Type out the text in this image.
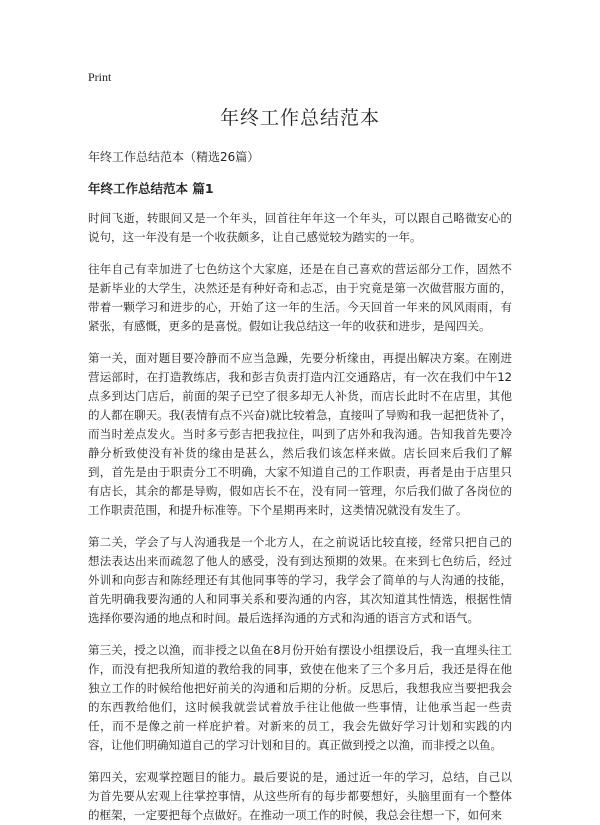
Print
年终工作总结范本

年终工作总结范本（精选26篇）

年终工作总结范本 篇1

时间飞逝，转眼间又是一个年头，回首往年年这一个年头，可以跟自己略微安心的说句，这一年没有是一个收获颇多，让自己感觉较为踏实的一年。

往年自己有幸加进了七色纺这个大家庭，还是在自己喜欢的营运部分工作，固然不是新毕业的大学生，决然还是有种好奇和忐忑，由于究竟是第一次做营服方面的，带着一颗学习和进步的心，开始了这一年的生活。今天回首一年来的风风雨雨，有紧张，有感慨，更多的是喜悦。假如让我总结这一年的收获和进步，是闯四关。

第一关，面对题目要冷静而不应当急躁，先要分析缘由，再提出解决方案。在刚进营运部时，在打造教练店，我和彭吉负责打造内江交通路店，有一次在我们中午12点多到达门店后，前面的架子已空了很多却无人补货，而店长此时不在店里，其他的人都在聊天。我(表情有点不兴奋)就比较着急，直接叫了导购和我一起把货补了，而当时差点发火。当时多亏彭吉把我拉住，叫到了店外和我沟通。告知我首先要冷静分析致使没有补货的缘由是甚么，然后我们该怎样来做。店长回来后我们了解到，首先是由于职责分工不明确，大家不知道自己的工作职责，再者是由于店里只有店长，其余的都是导购，假如店长不在，没有同一管理，尔后我们做了各岗位的工作职责范围，和提升标准等。下个星期再来时，这类情况就没有发生了。

第二关，学会了与人沟通我是一个北方人，在之前说话比较直接，经常只把自己的想法表达出来而疏忽了他人的感受，没有到达预期的效果。在来到七色纺后，经过外训和向彭吉和陈经理还有其他同事等的学习，我学会了简单的与人沟通的技能，首先明确我要沟通的人和同事关系和要沟通的内容，其次知道其性情选，根据性情选择你要沟通的地点和时间。最后选择沟通的方式和沟通的语言方式和语气。

第三关，授之以渔，而非授之以鱼在8月份开始有摆设小组摆设后，我一直埋头往工作，而没有把我所知道的教给我的同事，致使在他来了三个多月后，我还是得在他独立工作的时候给他把好前关的沟通和后期的分析。反思后，我想我应当要把我会的东西教给他们，这时候我就尝试着放手往让他做一些事情，让他承当起一些责任，而不是像之前一样庇护着。对新来的员工，我会先做好学习计划和实践的内容，让他们明确知道自己的学习计划和目的。真正做到授之以渔，而非授之以鱼。

第四关，宏观掌控题目的能力。最后要说的是，通过近一年的学习，总结，自己以为首先要从宏观上往掌控事情，从这些所有的每步都要想好，头脑里面有一个整体的框架，一定要把每个点做好。在推动一项工作的时候，我总会往想一下，如何来
